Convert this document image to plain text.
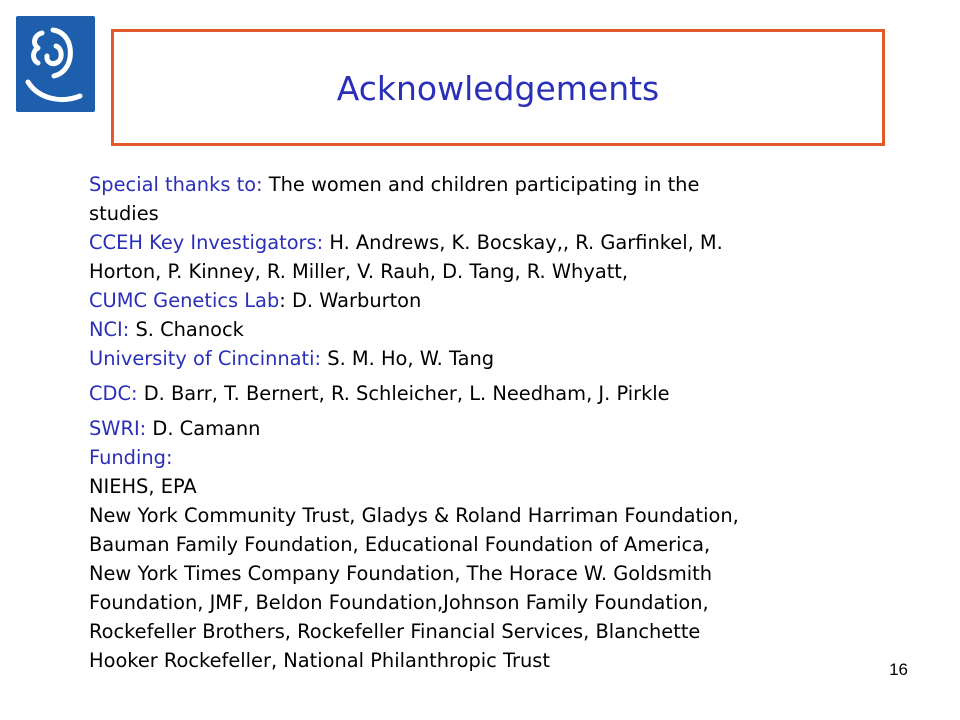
Acknowledgements
Special thanks to: The women and children participating in the
studies
CCEH Key Investigators: H. Andrews, K. Bocskay,, R. Garfinkel, M.
Horton, P. Kinney, R. Miller, V. Rauh, D. Tang, R. Whyatt,
CUMC Genetics Lab: D. Warburton
NCI: S. Chanock
University of Cincinnati: S. M. Ho, W. Tang
CDC: D. Barr, T. Bernert, R. Schleicher, L. Needham, J. Pirkle
SWRI: D. Camann
Funding:
NIEHS, EPA
New York Community Trust, Gladys & Roland Harriman Foundation,
Bauman Family Foundation, Educational Foundation of America,
New York Times Company Foundation, The Horace W. Goldsmith
Foundation, JMF, Beldon Foundation,Johnson Family Foundation,
Rockefeller Brothers, Rockefeller Financial Services, Blanchette
Hooker Rockefeller, National Philanthropic Trust	16
